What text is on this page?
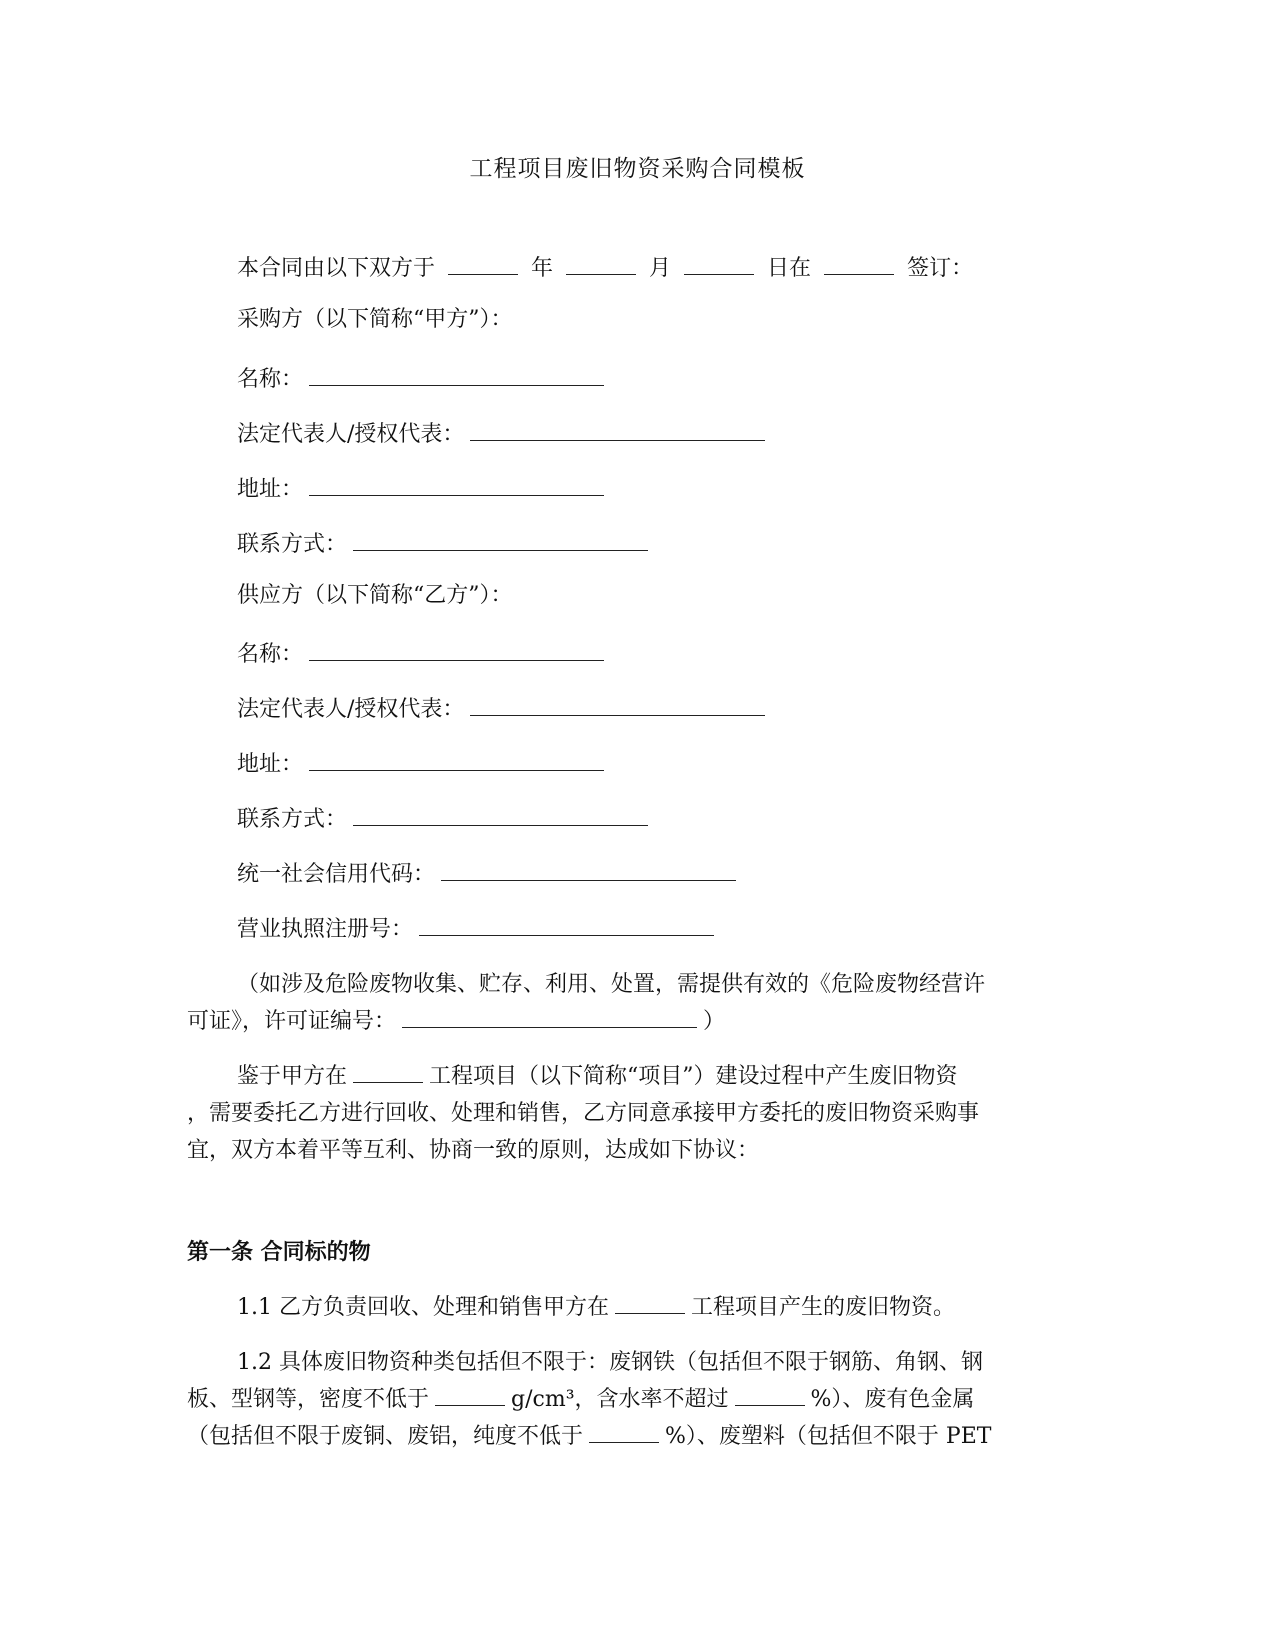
工程项目废旧物资采购合同模板
本合同由以下双方于	年	月	日在	签订：
采购方（以下简称“甲方”）：
名称：
法定代表人/授权代表：
地址：
联系方式：
供应方（以下简称“乙方”）：
名称：
法定代表人/授权代表：
地址：
联系方式：
统一社会信用代码：
营业执照注册号：
（如涉及危险废物收集、贮存、利用、处置，需提供有效的《危险废物经营许
可证》，许可证编号：	）
鉴于甲方在	工程项目（以下简称“项目”）建设过程中产生废旧物资
，需要委托乙方进行回收、处理和销售，乙方同意承接甲方委托的废旧物资采购事
宜，双方本着平等互利、协商一致的原则，达成如下协议：
第一条 合同标的物
1.1 乙方负责回收、处理和销售甲方在	工程项目产生的废旧物资。
1.2 具体废旧物资种类包括但不限于：废钢铁（包括但不限于钢筋、角钢、钢
板、型钢等，密度不低于	g/cm³，含水率不超过	%）、废有色金属
（包括但不限于废铜、废铝，纯度不低于	%）、废塑料（包括但不限于 PET
